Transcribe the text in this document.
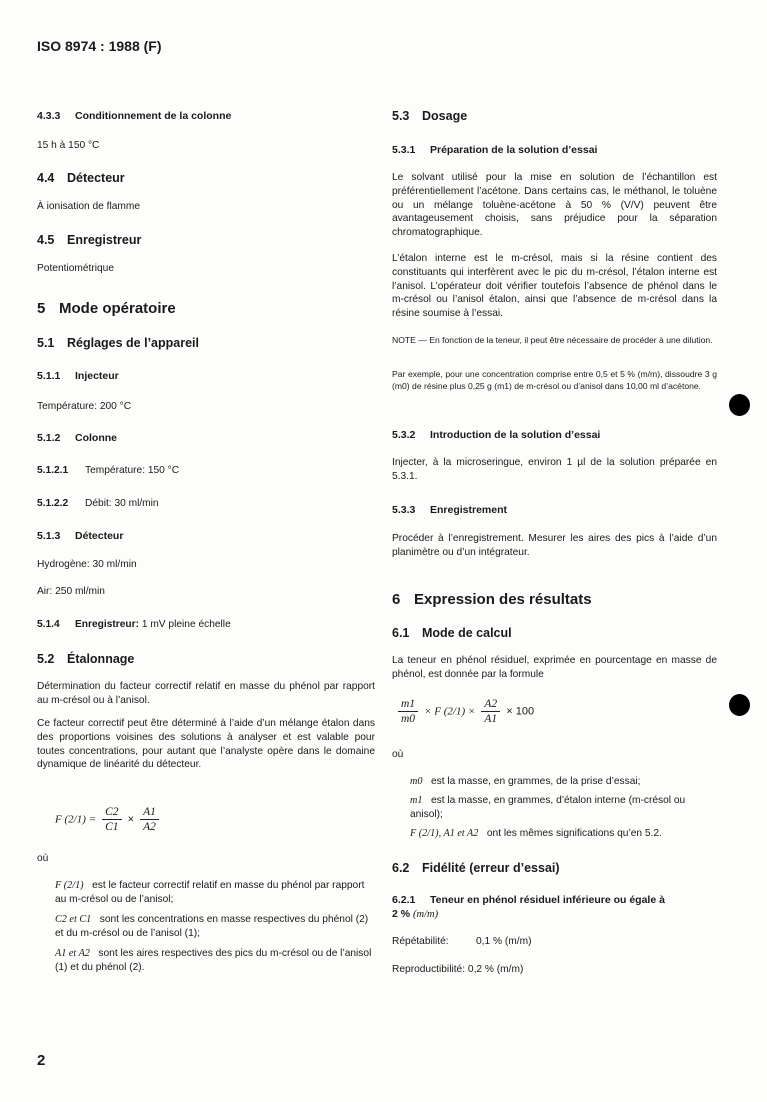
ISO 8974 : 1988 (F)
4.3.3 Conditionnement de la colonne
15 h à 150 °C
4.4 Détecteur
À ionisation de flamme
4.5 Enregistreur
Potentiométrique
5 Mode opératoire
5.1 Réglages de l’appareil
5.1.1 Injecteur
Température: 200 °C
5.1.2 Colonne
5.1.2.1 Température: 150 °C
5.1.2.2 Débit: 30 ml/min
5.1.3 Détecteur
Hydrogène: 30 ml/min
Air: 250 ml/min
5.1.4 Enregistreur: 1 mV pleine échelle
5.2 Étalonnage
Détermination du facteur correctif relatif en masse du phénol par rapport au m-crésol ou à l’anisol.
Ce facteur correctif peut être déterminé à l’aide d’un mélange étalon dans des proportions voisines des solutions à analyser et est valable pour toutes concentrations, pour autant que l’analyste opère dans le domaine dynamique de linéarité du détecteur.
F $(2/1) = \frac{C2}{C1} \times \frac{A1}{A2}$
où
F (2/1) est le facteur correctif relatif en masse du phénol par rapport au m-crésol ou de l’anisol;
C2 et C1 sont les concentrations en masse respectives du phénol (2) et du m-crésol ou de l’anisol (1);
A1 et A2 sont les aires respectives des pics du m-crésol ou de l’anisol (1) et du phénol (2).
5.3 Dosage
5.3.1 Préparation de la solution d’essai
Le solvant utilisé pour la mise en solution de l’échantillon est préférentiellement l’acétone. Dans certains cas, le méthanol, le toluène ou un mélange toluène-acétone à 50 % (V/V) peuvent être avantageusement choisis, sans préjudice pour la séparation chromatographique.
L’étalon interne est le m-crésol, mais si la résine contient des constituants qui interfèrent avec le pic du m-crésol, l’étalon interne est l’anisol. L’opérateur doit vérifier toutefois l’absence de phénol dans le m-crésol ou l’anisol étalon, ainsi que l’absence de m-crésol dans la résine soumise à l’essai.
NOTE — En fonction de la teneur, il peut être nécessaire de procéder à une dilution.
Par exemple, pour une concentration comprise entre 0,5 et 5 % (m/m), dissoudre 3 g (m0) de résine plus 0,25 g (m1) de m-crésol ou d’anisol dans 10,00 ml d’acétone.
5.3.2 Introduction de la solution d’essai
Injecter, à la microseringue, environ 1 µl de la solution préparée en 5.3.1.
5.3.3 Enregistrement
Procéder à l’enregistrement. Mesurer les aires des pics à l’aide d’un planimètre ou d’un intégrateur.
6 Expression des résultats
6.1 Mode de calcul
La teneur en phénol résiduel, exprimée en pourcentage en masse de phénol, est donnée par la formule
$\frac{m1}{m0} \times F$ $(2/1) \times \frac{A2}{A1} \times 100$
où
m0 est la masse, en grammes, de la prise d’essai;
m1 est la masse, en grammes, d’étalon interne (m-crésol ou anisol);
F (2/1), A1 et A2 ont les mêmes significations qu’en 5.2.
6.2 Fidélité (erreur d’essai)
6.2.1 Teneur en phénol résiduel inférieure ou égale à 2 % (m/m)
Répétabilité:	0,1 % (m/m)
Reproductibilité: 0,2 % (m/m)
2
